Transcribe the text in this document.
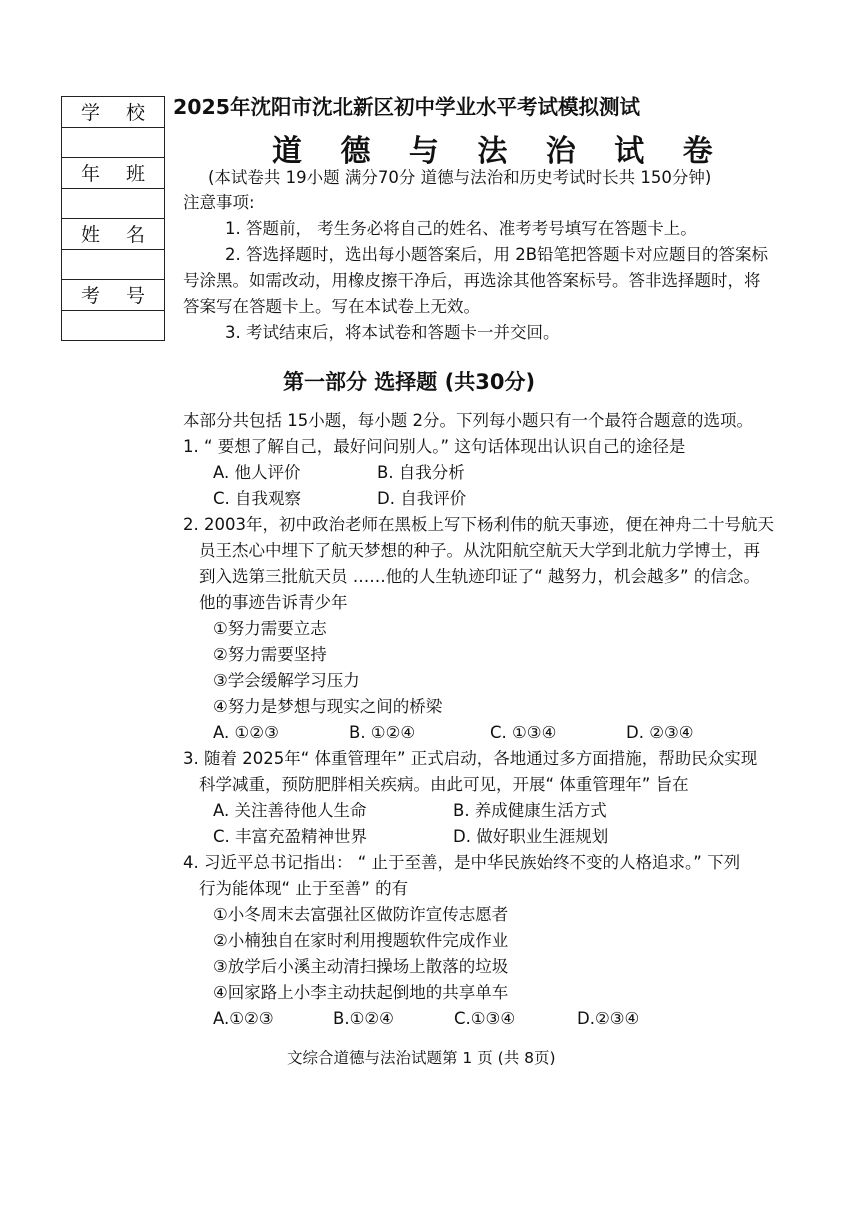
学 校

年 班

姓 名

考 号

2025年沈阳市沈北新区初中学业水平考试模拟测试
道 德 与 法 治 试 卷
(本试卷共 19小题 满分70分 道德与法治和历史考试时长共 150分钟)
注意事项:
1. 答题前， 考生务必将自己的姓名、准考考号填写在答题卡上。
2. 答选择题时，选出每小题答案后，用 2B铅笔把答题卡对应题目的答案标
号涂黑。如需改动，用橡皮擦干净后，再选涂其他答案标号。答非选择题时，将
答案写在答题卡上。写在本试卷上无效。
3. 考试结束后，将本试卷和答题卡一并交回。
第一部分 选择题 (共30分)
本部分共包括 15小题，每小题 2分。下列每小题只有一个最符合题意的选项。
1. “ 要想了解自己，最好问问别人。” 这句话体现出认识自己的途径是
A. 他人评价	B. 自我分析
C. 自我观察	D. 自我评价
2. 2003年，初中政治老师在黑板上写下杨利伟的航天事迹，便在神舟二十号航天
员王杰心中埋下了航天梦想的种子。从沈阳航空航天大学到北航力学博士，再
到入选第三批航天员 ……他的人生轨迹印证了“ 越努力，机会越多” 的信念。
他的事迹告诉青少年
①努力需要立志
②努力需要坚持
③学会缓解学习压力
④努力是梦想与现实之间的桥梁
A. ①②③	B. ①②④	C. ①③④	D. ②③④
3. 随着 2025年“ 体重管理年” 正式启动，各地通过多方面措施，帮助民众实现
科学减重，预防肥胖相关疾病。由此可见，开展“ 体重管理年” 旨在
A. 关注善待他人生命	B. 养成健康生活方式
C. 丰富充盈精神世界	D. 做好职业生涯规划
4. 习近平总书记指出： “ 止于至善，是中华民族始终不变的人格追求。” 下列
行为能体现“ 止于至善” 的有
①小冬周末去富强社区做防诈宣传志愿者
②小楠独自在家时利用搜题软件完成作业
③放学后小溪主动清扫操场上散落的垃圾
④回家路上小李主动扶起倒地的共享单车
A.①②③	B.①②④	C.①③④	D.②③④
文综合道德与法治试题第 1 页 (共 8页)
